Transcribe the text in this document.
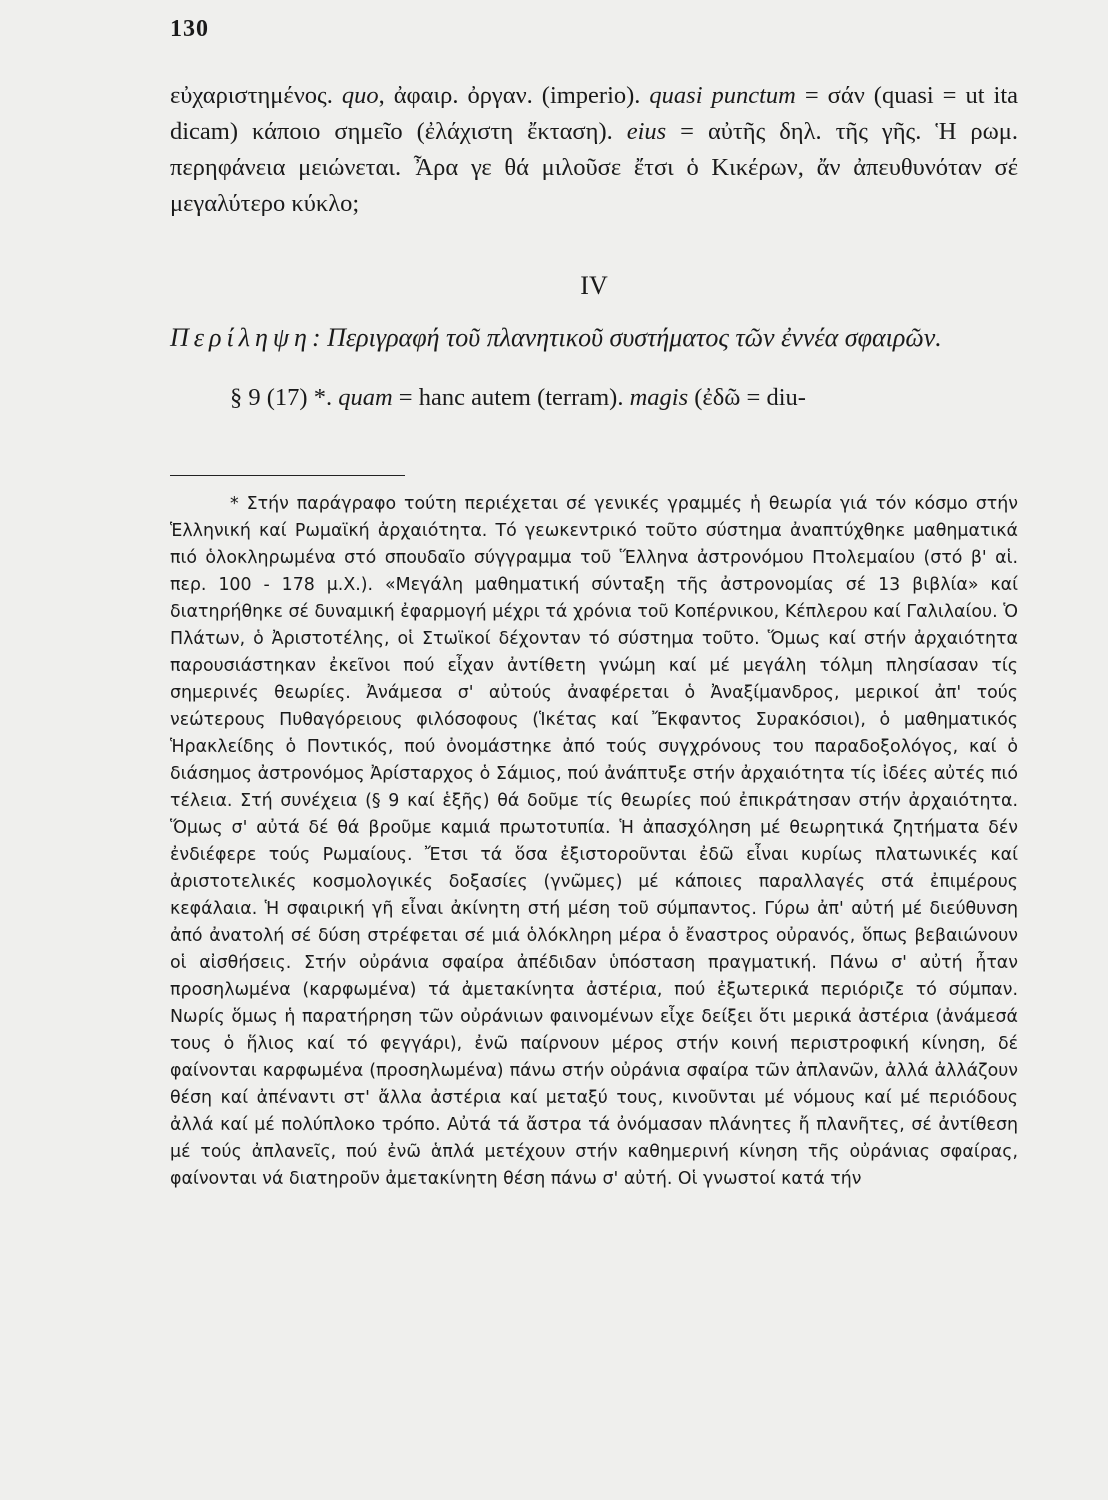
130

εὐχαριστημένος. quo, ἀφαιρ. ὀργαν. (imperio). quasi punctum = σάν (quasi = ut ita dicam) κάποιο σημεῖο (ἐλάχιστη ἔκταση). eius = αὐτῆς δηλ. τῆς γῆς. Ἡ ρωμ. περηφάνεια μειώνεται. Ἆρα γε θά μιλοῦσε ἔτσι ὁ Κικέρων, ἄν ἀπευθυνόταν σέ μεγαλύτερο κύκλο;

IV

Περίληψη: Περιγραφή τοῦ πλανητικοῦ συστήματος τῶν ἐννέα σφαιρῶν.

§ 9 (17) *. quam = hanc autem (terram). magis (ἐδῶ = diu-

* Στήν παράγραφο τούτη περιέχεται σέ γενικές γραμμές ἡ θεωρία γιά τόν κόσμο στήν Ἑλληνική καί Ρωμαϊκή ἀρχαιότητα. Τό γεωκεντρικό τοῦτο σύστημα ἀναπτύχθηκε μαθηματικά πιό ὁλοκληρωμένα στό σπουδαῖο σύγγραμμα τοῦ Ἕλληνα ἀστρονόμου Πτολεμαίου (στό β' αἱ. περ. 100 - 178 μ.Χ.). «Μεγάλη μαθηματική σύνταξη τῆς ἀστρονομίας σέ 13 βιβλία» καί διατηρήθηκε σέ δυναμική ἐφαρμογή μέχρι τά χρόνια τοῦ Κοπέρνικου, Κέπλερου καί Γαλιλαίου. Ὁ Πλάτων, ὁ Ἀριστοτέλης, οἱ Στωϊκοί δέχονταν τό σύστημα τοῦτο. Ὅμως καί στήν ἀρχαιότητα παρουσιάστηκαν ἐκεῖνοι πού εἶχαν ἀντίθετη γνώμη καί μέ μεγάλη τόλμη πλησίασαν τίς σημερινές θεωρίες. Ἀνάμεσα σ' αὐτούς ἀναφέρεται ὁ Ἀναξίμανδρος, μερικοί ἀπ' τούς νεώτερους Πυθαγόρειους φιλόσοφους (Ἱκέτας καί Ἔκφαντος Συρακόσιοι), ὁ μαθηματικός Ἡρακλείδης ὁ Ποντικός, πού ὀνομάστηκε ἀπό τούς συγχρόνους του παραδοξολόγος, καί ὁ διάσημος ἀστρονόμος Ἀρίσταρχος ὁ Σάμιος, πού ἀνάπτυξε στήν ἀρχαιότητα τίς ἰδέες αὐτές πιό τέλεια. Στή συνέχεια (§ 9 καί ἑξῆς) θά δοῦμε τίς θεωρίες πού ἐπικράτησαν στήν ἀρχαιότητα. Ὅμως σ' αὐτά δέ θά βροῦμε καμιά πρωτοτυπία. Ἡ ἀπασχόληση μέ θεωρητικά ζητήματα δέν ἐνδιέφερε τούς Ρωμαίους. Ἔτσι τά ὅσα ἐξιστοροῦνται ἐδῶ εἶναι κυρίως πλατωνικές καί ἀριστοτελικές κοσμολογικές δοξασίες (γνῶμες) μέ κάποιες παραλλαγές στά ἐπιμέρους κεφάλαια. Ἡ σφαιρική γῆ εἶναι ἀκίνητη στή μέση τοῦ σύμπαντος. Γύρω ἀπ' αὐτή μέ διεύθυνση ἀπό ἀνατολή σέ δύση στρέφεται σέ μιά ὁλόκληρη μέρα ὁ ἔναστρος οὐρανός, ὅπως βεβαιώνουν οἱ αἰσθήσεις. Στήν οὐράνια σφαίρα ἀπέδιδαν ὑπόσταση πραγματική. Πάνω σ' αὐτή ἦταν προσηλωμένα (καρφωμένα) τά ἀμετακίνητα ἀστέρια, πού ἐξωτερικά περιόριζε τό σύμπαν. Νωρίς ὅμως ἡ παρατήρηση τῶν οὐράνιων φαινομένων εἶχε δείξει ὅτι μερικά ἀστέρια (ἀνάμεσά τους ὁ ἥλιος καί τό φεγγάρι), ἐνῶ παίρνουν μέρος στήν κοινή περιστροφική κίνηση, δέ φαίνονται καρφωμένα (προσηλωμένα) πάνω στήν οὐράνια σφαίρα τῶν ἀπλανῶν, ἀλλά ἀλλάζουν θέση καί ἀπέναντι στ' ἄλλα ἀστέρια καί μεταξύ τους, κινοῦνται μέ νόμους καί μέ περιόδους ἀλλά καί μέ πολύπλοκο τρόπο. Αὐτά τά ἄστρα τά ὀνόμασαν πλάνητες ἤ πλανῆτες, σέ ἀντίθεση μέ τούς ἀπλανεῖς, πού ἐνῶ ἁπλά μετέχουν στήν καθημερινή κίνηση τῆς οὐράνιας σφαίρας, φαίνονται νά διατηροῦν ἀμετακίνητη θέση πάνω σ' αὐτή. Οἱ γνωστοί κατά τήν
